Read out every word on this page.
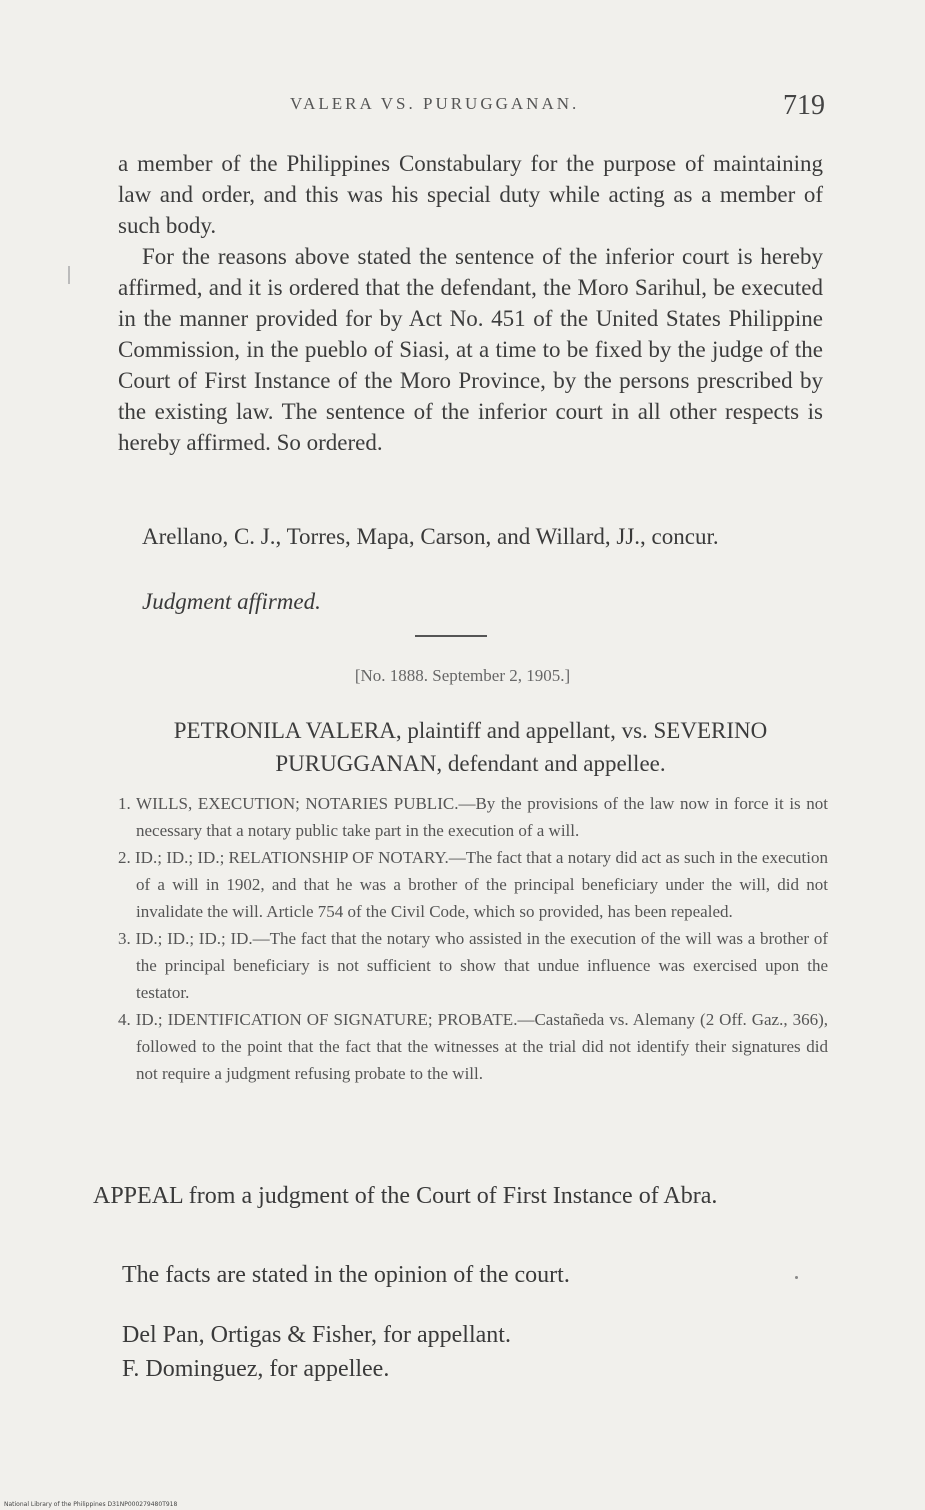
VALERA VS. PURUGGANAN.	719

a member of the Philippines Constabulary for the purpose of maintaining law and order, and this was his special duty while acting as a member of such body.

For the reasons above stated the sentence of the inferior court is hereby affirmed, and it is ordered that the defendant, the Moro Sarihul, be executed in the manner provided for by Act No. 451 of the United States Philippine Commission, in the pueblo of Siasi, at a time to be fixed by the judge of the Court of First Instance of the Moro Province, by the persons prescribed by the existing law. The sentence of the inferior court in all other respects is hereby affirmed. So ordered.

Arellano, C. J., Torres, Mapa, Carson, and Willard, JJ., concur.
Judgment affirmed.
[No. 1888. September 2, 1905.]
PETRONILA VALERA, plaintiff and appellant, vs. SEVERINO
PURUGGANAN, defendant and appellee.

1. WILLS, EXECUTION; NOTARIES PUBLIC.—By the provisions of the law now in force it is not necessary that a notary public take part in the execution of a will.

2. ID.; ID.; ID.; RELATIONSHIP OF NOTARY.—The fact that a notary did act as such in the execution of a will in 1902, and that he was a brother of the principal beneficiary under the will, did not invalidate the will. Article 754 of the Civil Code, which so provided, has been repealed.

3. ID.; ID.; ID.; ID.—The fact that the notary who assisted in the execution of the will was a brother of the principal beneficiary is not sufficient to show that undue influence was exercised upon the testator.

4. ID.; IDENTIFICATION OF SIGNATURE; PROBATE.—Castañeda vs. Alemany (2 Off. Gaz., 366), followed to the point that the fact that the witnesses at the trial did not identify their signatures did not require a judgment refusing probate to the will.

APPEAL from a judgment of the Court of First Instance of Abra.

The facts are stated in the opinion of the court.
Del Pan, Ortigas & Fisher, for appellant.
F. Dominguez, for appellee.
National Library of the Philippines D31NP000279480T918
